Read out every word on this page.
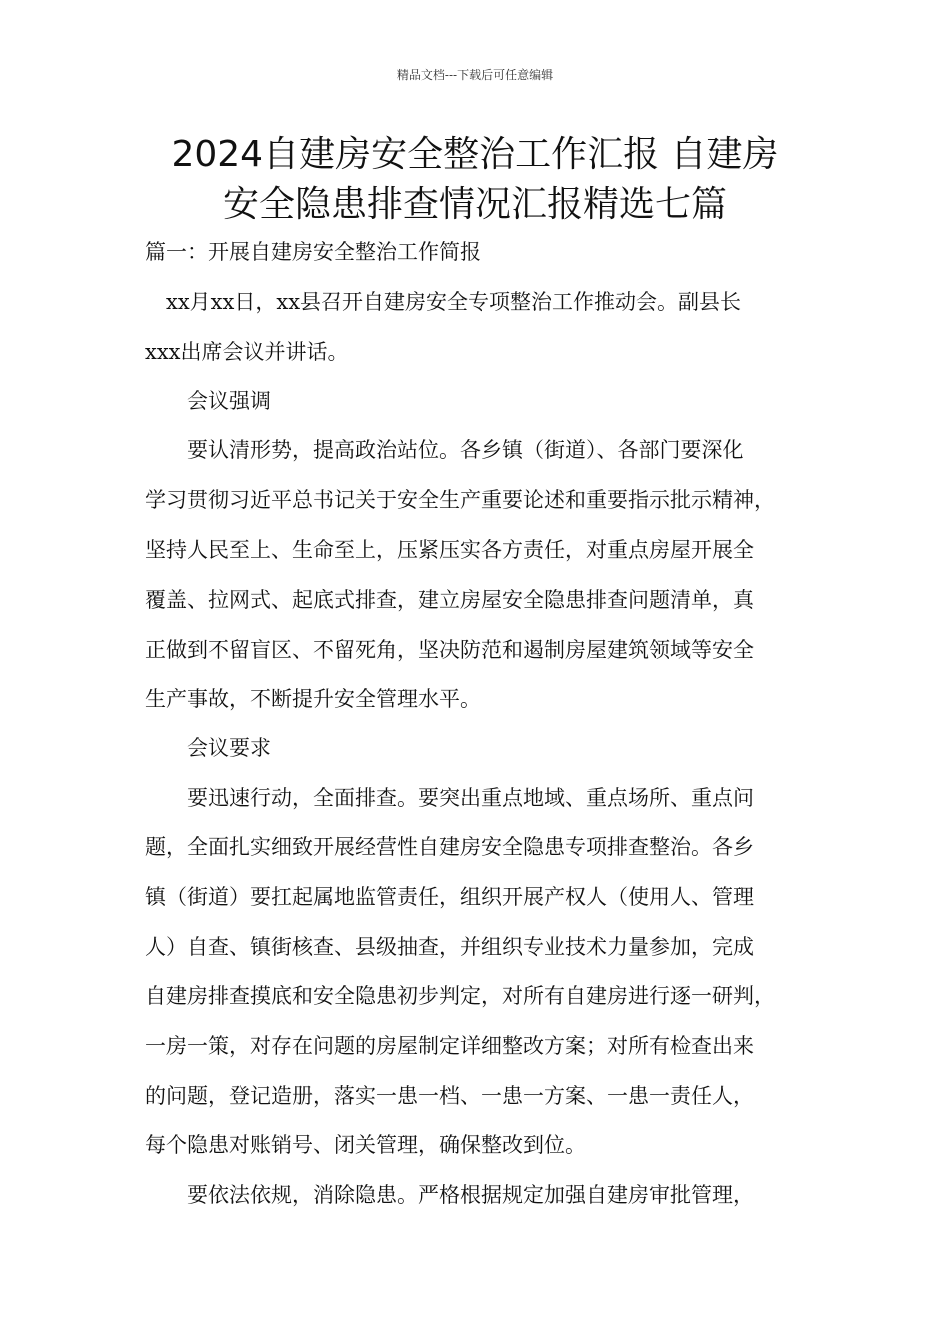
精品文档---下载后可任意编辑
2024自建房安全整治工作汇报 自建房
安全隐患排查情况汇报精选七篇
篇一：开展自建房安全整治工作简报
　xx月xx日，xx县召开自建房安全专项整治工作推动会。副县长
xxx出席会议并讲话。
　　会议强调
　　要认清形势，提高政治站位。各乡镇（街道）、各部门要深化
学习贯彻习近平总书记关于安全生产重要论述和重要指示批示精神，
坚持人民至上、生命至上，压紧压实各方责任，对重点房屋开展全
覆盖、拉网式、起底式排查，建立房屋安全隐患排查问题清单，真
正做到不留盲区、不留死角，坚决防范和遏制房屋建筑领域等安全
生产事故，不断提升安全管理水平。
　　会议要求
　　要迅速行动，全面排查。要突出重点地域、重点场所、重点问
题，全面扎实细致开展经营性自建房安全隐患专项排查整治。各乡
镇（街道）要扛起属地监管责任，组织开展产权人（使用人、管理
人）自查、镇街核查、县级抽查，并组织专业技术力量参加，完成
自建房排查摸底和安全隐患初步判定，对所有自建房进行逐一研判，
一房一策，对存在问题的房屋制定详细整改方案；对所有检查出来
的问题，登记造册，落实一患一档、一患一方案、一患一责任人，
每个隐患对账销号、闭关管理，确保整改到位。
　　要依法依规，消除隐患。严格根据规定加强自建房审批管理，
